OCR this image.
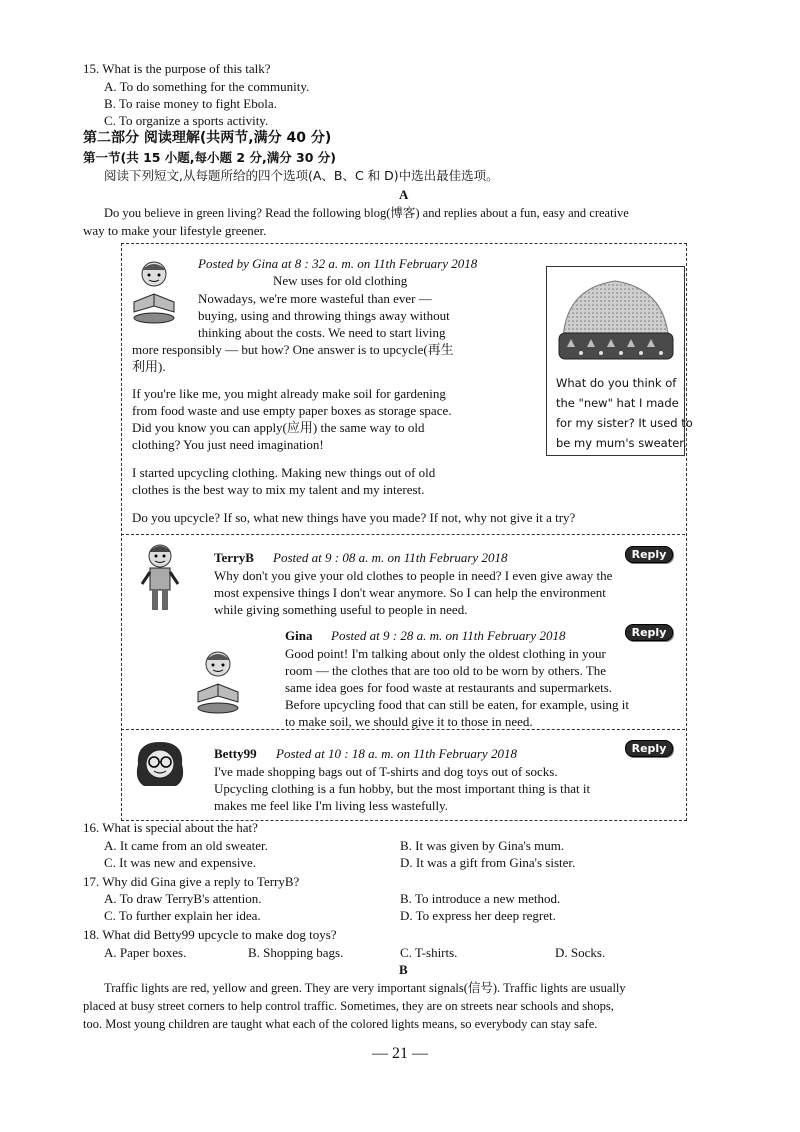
15. What is the purpose of this talk?
A. To do something for the community.
B. To raise money to fight Ebola.
C. To organize a sports activity.
第二部分 阅读理解(共两节,满分 40 分)
第一节(共 15 小题,每小题 2 分,满分 30 分)
阅读下列短文,从每题所给的四个选项(A、B、C 和 D)中选出最佳选项。
A
Do you believe in green living? Read the following blog(博客) and replies about a fun, easy and creative
way to make your lifestyle greener.
Posted by Gina at 8 : 32 a. m. on 11th February 2018
New uses for old clothing
Nowadays, we're more wasteful than ever —
buying, using and throwing things away without
thinking about the costs. We need to start living
more responsibly — but how? One answer is to upcycle(再生
利用).
If you're like me, you might already make soil for gardening
from food waste and use empty paper boxes as storage space.
Did you know you can apply(应用) the same way to old
clothing? You just need imagination!
I started upcycling clothing. Making new things out of old
clothes is the best way to mix my talent and my interest.
Do you upcycle? If so, what new things have you made? If not, why not give it a try?
What do you think of
the "new" hat I made
for my sister? It used to
be my mum's sweater.
TerryB Posted at 9 : 08 a. m. on 11th February 2018	Reply
Why don't you give your old clothes to people in need? I even give away the
most expensive things I don't wear anymore. So I can help the environment
while giving something useful to people in need.
Gina Posted at 9 : 28 a. m. on 11th February 2018	Reply
Good point! I'm talking about only the oldest clothing in your
room — the clothes that are too old to be worn by others. The
same idea goes for food waste at restaurants and supermarkets.
Before upcycling food that can still be eaten, for example, using it
to make soil, we should give it to those in need.
Betty99 Posted at 10 : 18 a. m. on 11th February 2018	Reply
I've made shopping bags out of T-shirts and dog toys out of socks.
Upcycling clothing is a fun hobby, but the most important thing is that it
makes me feel like I'm living less wastefully.
16. What is special about the hat?
A. It came from an old sweater.	B. It was given by Gina's mum.
C. It was new and expensive.	D. It was a gift from Gina's sister.
17. Why did Gina give a reply to TerryB?
A. To draw TerryB's attention.	B. To introduce a new method.
C. To further explain her idea.	D. To express her deep regret.
18. What did Betty99 upcycle to make dog toys?
A. Paper boxes.	B. Shopping bags.	C. T-shirts.	D. Socks.
B
Traffic lights are red, yellow and green. They are very important signals(信号). Traffic lights are usually
placed at busy street corners to help control traffic. Sometimes, they are on streets near schools and shops,
too. Most young children are taught what each of the colored lights means, so everybody can stay safe.
— 21 —
